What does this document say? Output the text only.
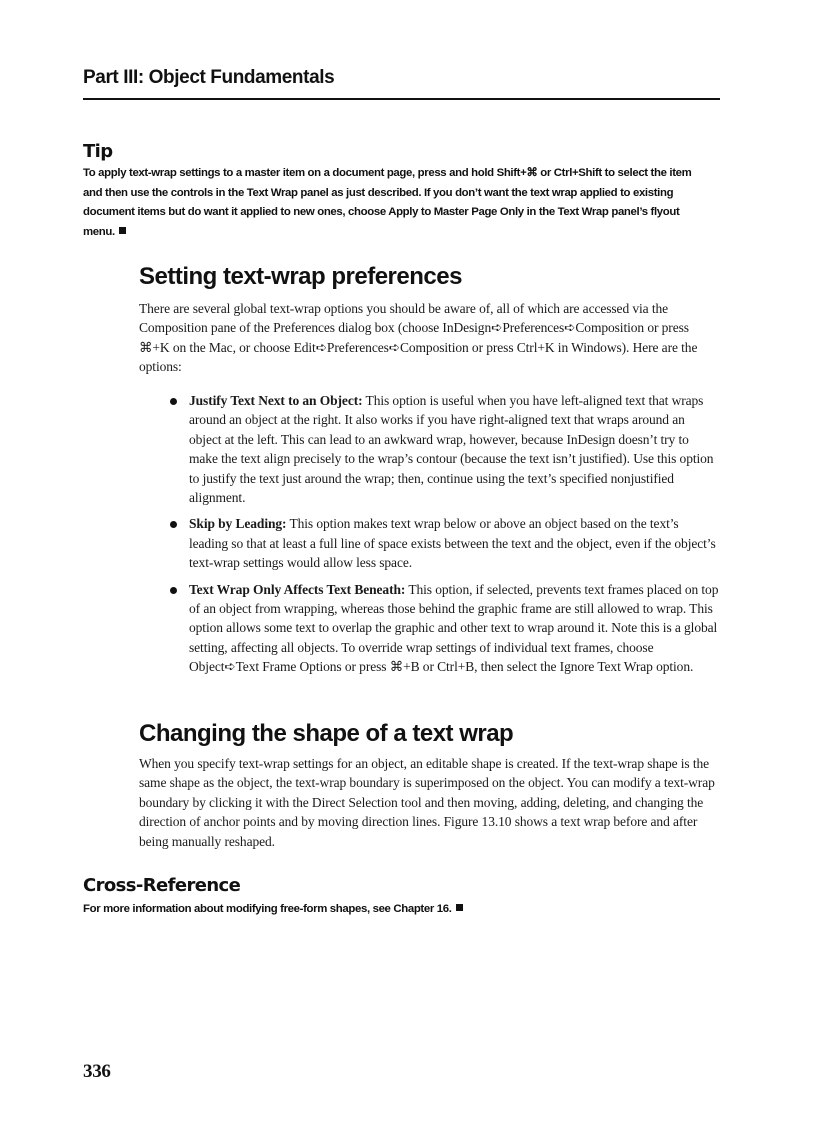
Part III: Object Fundamentals
Tip
To apply text-wrap settings to a master item on a document page, press and hold Shift+⌘ or Ctrl+Shift to select the item and then use the controls in the Text Wrap panel as just described. If you don’t want the text wrap applied to existing document items but do want it applied to new ones, choose Apply to Master Page Only in the Text Wrap panel’s flyout menu.
Setting text-wrap preferences
There are several global text-wrap options you should be aware of, all of which are accessed via the Composition pane of the Preferences dialog box (choose InDesign➪Preferences➪Composition or press ⌘+K on the Mac, or choose Edit➪Preferences➪Composition or press Ctrl+K in Windows). Here are the options:
Justify Text Next to an Object: This option is useful when you have left-aligned text that wraps around an object at the right. It also works if you have right-aligned text that wraps around an object at the left. This can lead to an awkward wrap, however, because InDesign doesn’t try to make the text align precisely to the wrap’s contour (because the text isn’t justified). Use this option to justify the text just around the wrap; then, continue using the text’s specified nonjustified alignment.
Skip by Leading: This option makes text wrap below or above an object based on the text’s leading so that at least a full line of space exists between the text and the object, even if the object’s text-wrap settings would allow less space.
Text Wrap Only Affects Text Beneath: This option, if selected, prevents text frames placed on top of an object from wrapping, whereas those behind the graphic frame are still allowed to wrap. This option allows some text to overlap the graphic and other text to wrap around it. Note this is a global setting, affecting all objects. To override wrap settings of individual text frames, choose Object➪Text Frame Options or press ⌘+B or Ctrl+B, then select the Ignore Text Wrap option.
Changing the shape of a text wrap
When you specify text-wrap settings for an object, an editable shape is created. If the text-wrap shape is the same shape as the object, the text-wrap boundary is superimposed on the object. You can modify a text-wrap boundary by clicking it with the Direct Selection tool and then moving, adding, deleting, and changing the direction of anchor points and by moving direction lines. Figure 13.10 shows a text wrap before and after being manually reshaped.
Cross-Reference
For more information about modifying free-form shapes, see Chapter 16.
336
